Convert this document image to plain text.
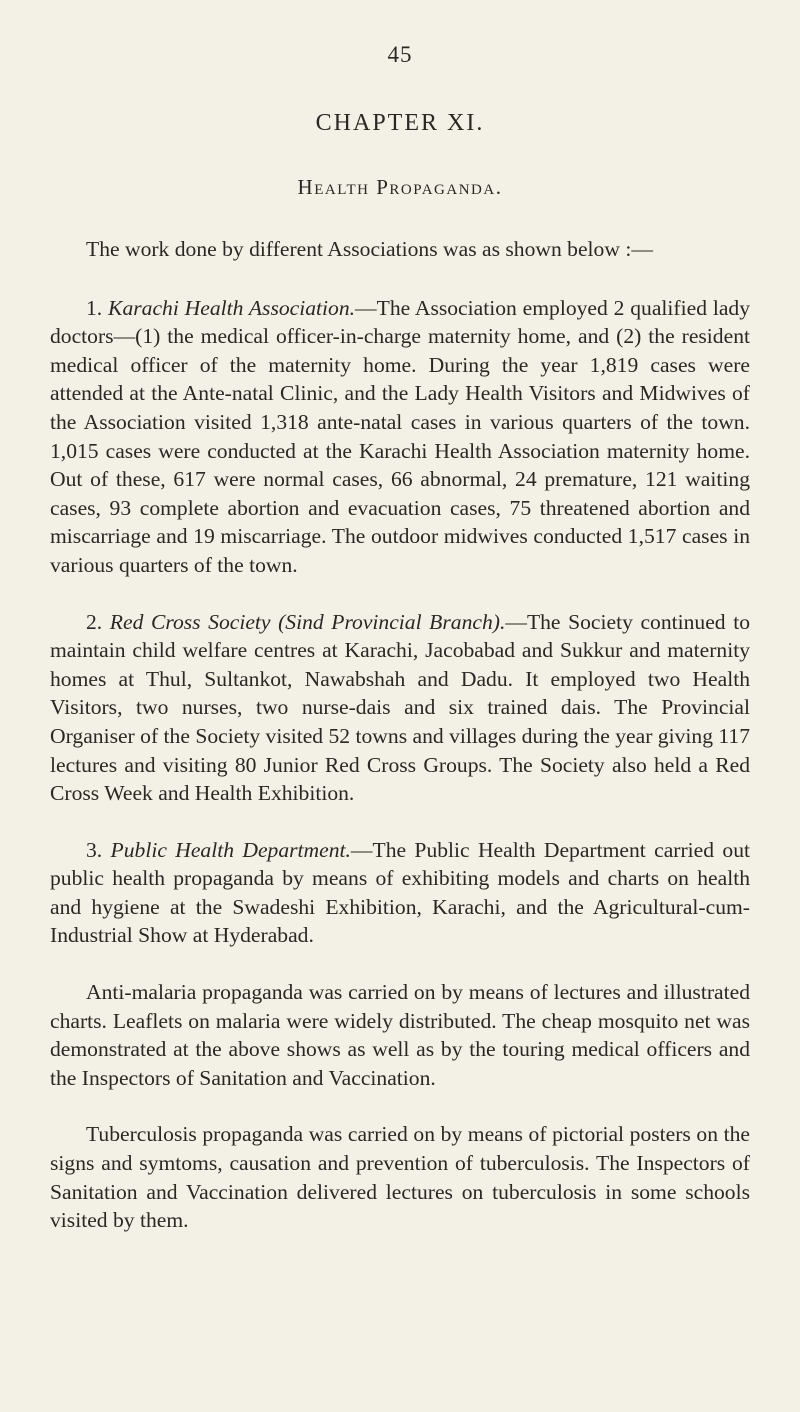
45
CHAPTER XI.
Health Propaganda.

The work done by different Associations was as shown below :—

1. Karachi Health Association.—The Association employed 2 qualified lady doctors—(1) the medical officer-in-charge maternity home, and (2) the resident medical officer of the maternity home. During the year 1,819 cases were attended at the Ante-natal Clinic, and the Lady Health Visitors and Midwives of the Association visited 1,318 ante-natal cases in various quarters of the town. 1,015 cases were conducted at the Karachi Health Association maternity home. Out of these, 617 were normal cases, 66 abnormal, 24 premature, 121 waiting cases, 93 complete abortion and evacuation cases, 75 threatened abortion and miscarriage and 19 miscarriage. The outdoor midwives conducted 1,517 cases in various quarters of the town.

2. Red Cross Society (Sind Provincial Branch).—The Society continued to maintain child welfare centres at Karachi, Jacobabad and Sukkur and maternity homes at Thul, Sultankot, Nawabshah and Dadu. It employed two Health Visitors, two nurses, two nurse-dais and six trained dais. The Provincial Organiser of the Society visited 52 towns and villages during the year giving 117 lectures and visiting 80 Junior Red Cross Groups. The Society also held a Red Cross Week and Health Exhibition.

3. Public Health Department.—The Public Health Department carried out public health propaganda by means of exhibiting models and charts on health and hygiene at the Swadeshi Exhibition, Karachi, and the Agricultural-cum-Industrial Show at Hyderabad.

Anti-malaria propaganda was carried on by means of lectures and illustrated charts. Leaflets on malaria were widely distributed. The cheap mosquito net was demonstrated at the above shows as well as by the touring medical officers and the Inspectors of Sanitation and Vaccination.

Tuberculosis propaganda was carried on by means of pictorial posters on the signs and symtoms, causation and prevention of tuberculosis. The Inspectors of Sanitation and Vaccination delivered lectures on tuberculosis in some schools visited by them.
